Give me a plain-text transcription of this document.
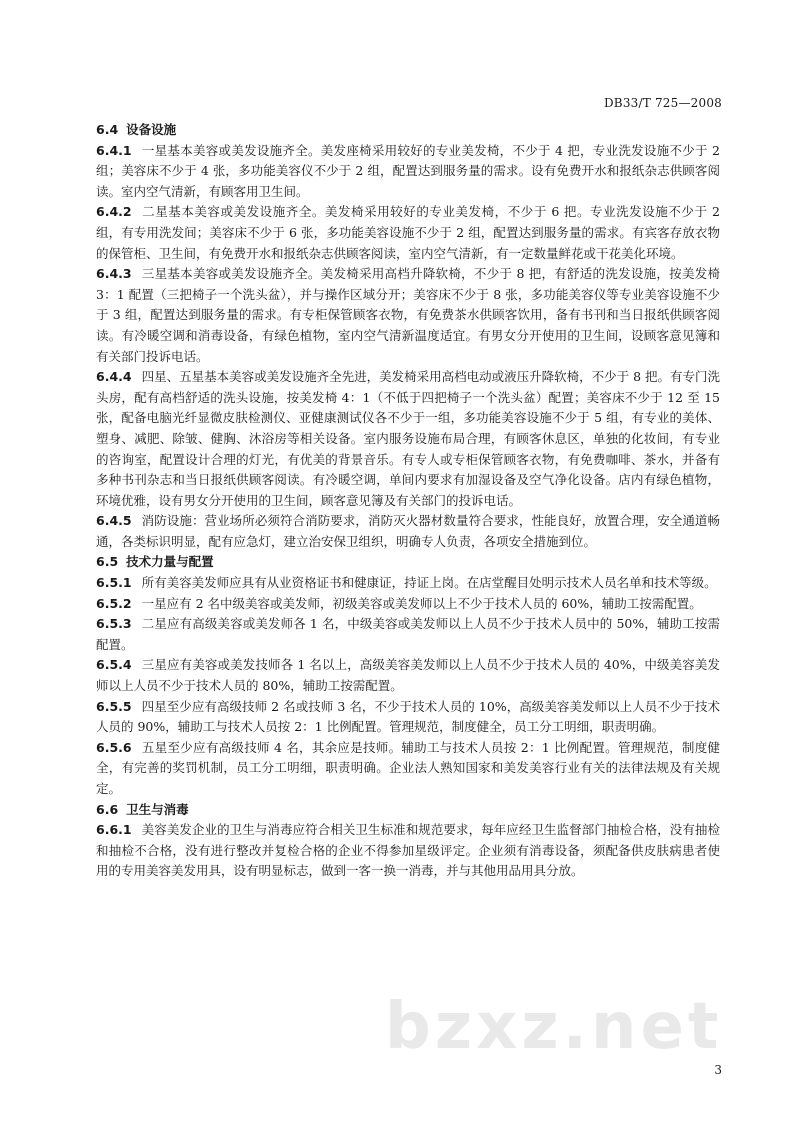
DB33/T 725—2008
6.4 设备设施

6.4.1 一星基本美容或美发设施齐全。美发座椅采用较好的专业美发椅，不少于 4 把，专业洗发设施不少于 2 组；美容床不少于 4 张，多功能美容仪不少于 2 组，配置达到服务量的需求。设有免费开水和报纸杂志供顾客阅读。室内空气清新，有顾客用卫生间。

6.4.2 二星基本美容或美发设施齐全。美发椅采用较好的专业美发椅，不少于 6 把。专业洗发设施不少于 2 组，有专用洗发间；美容床不少于 6 张，多功能美容设施不少于 2 组，配置达到服务量的需求。有宾客存放衣物的保管柜、卫生间，有免费开水和报纸杂志供顾客阅读，室内空气清新，有一定数量鲜花或干花美化环境。

6.4.3 三星基本美容或美发设施齐全。美发椅采用高档升降软椅，不少于 8 把，有舒适的洗发设施，按美发椅 3：1 配置（三把椅子一个洗头盆），并与操作区域分开；美容床不少于 8 张，多功能美容仪等专业美容设施不少于 3 组，配置达到服务量的需求。有专柜保管顾客衣物，有免费茶水供顾客饮用，备有书刊和当日报纸供顾客阅读。有冷暖空调和消毒设备，有绿色植物，室内空气清新温度适宜。有男女分开使用的卫生间，设顾客意见簿和有关部门投诉电话。

6.4.4 四星、五星基本美容或美发设施齐全先进，美发椅采用高档电动或液压升降软椅，不少于 8 把。有专门洗头房，配有高档舒适的洗头设施，按美发椅 4：1（不低于四把椅子一个洗头盆）配置；美容床不少于 12 至 15 张，配备电脑光纤显微皮肤检测仪、亚健康测试仪各不少于一组，多功能美容设施不少于 5 组，有专业的美体、塑身、减肥、除皱、健胸、沐浴房等相关设备。室内服务设施布局合理，有顾客休息区，单独的化妆间，有专业的咨询室，配置设计合理的灯光，有优美的背景音乐。有专人或专柜保管顾客衣物，有免费咖啡、茶水，并备有多种书刊杂志和当日报纸供顾客阅读。有冷暖空调，单间内要求有加湿设备及空气净化设备。店内有绿色植物，环境优雅，设有男女分开使用的卫生间，顾客意见簿及有关部门的投诉电话。

6.4.5 消防设施：营业场所必须符合消防要求，消防灭火器材数量符合要求，性能良好，放置合理，安全通道畅通，各类标识明显，配有应急灯，建立治安保卫组织，明确专人负责，各项安全措施到位。

6.5 技术力量与配置

6.5.1 所有美容美发师应具有从业资格证书和健康证，持证上岗。在店堂醒目处明示技术人员名单和技术等级。

6.5.2 一星应有 2 名中级美容或美发师，初级美容或美发师以上不少于技术人员的 60%，辅助工按需配置。

6.5.3 二星应有高级美容或美发师各 1 名，中级美容或美发师以上人员不少于技术人员中的 50%，辅助工按需配置。

6.5.4 三星应有美容或美发技师各 1 名以上，高级美容美发师以上人员不少于技术人员的 40%，中级美容美发师以上人员不少于技术人员的 80%，辅助工按需配置。

6.5.5 四星至少应有高级技师 2 名或技师 3 名，不少于技术人员的 10%，高级美容美发师以上人员不少于技术人员的 90%，辅助工与技术人员按 2：1 比例配置。管理规范，制度健全，员工分工明细，职责明确。

6.5.6 五星至少应有高级技师 4 名，其余应是技师。辅助工与技术人员按 2：1 比例配置。管理规范，制度健全，有完善的奖罚机制，员工分工明细，职责明确。企业法人熟知国家和美发美容行业有关的法律法规及有关规定。

6.6 卫生与消毒

6.6.1 美容美发企业的卫生与消毒应符合相关卫生标准和规范要求，每年应经卫生监督部门抽检合格，没有抽检和抽检不合格，没有进行整改并复检合格的企业不得参加星级评定。企业须有消毒设备，须配备供皮肤病患者使用的专用美容美发用具，设有明显标志，做到一客一换一消毒，并与其他用品用具分放。

bzxz.net
3
